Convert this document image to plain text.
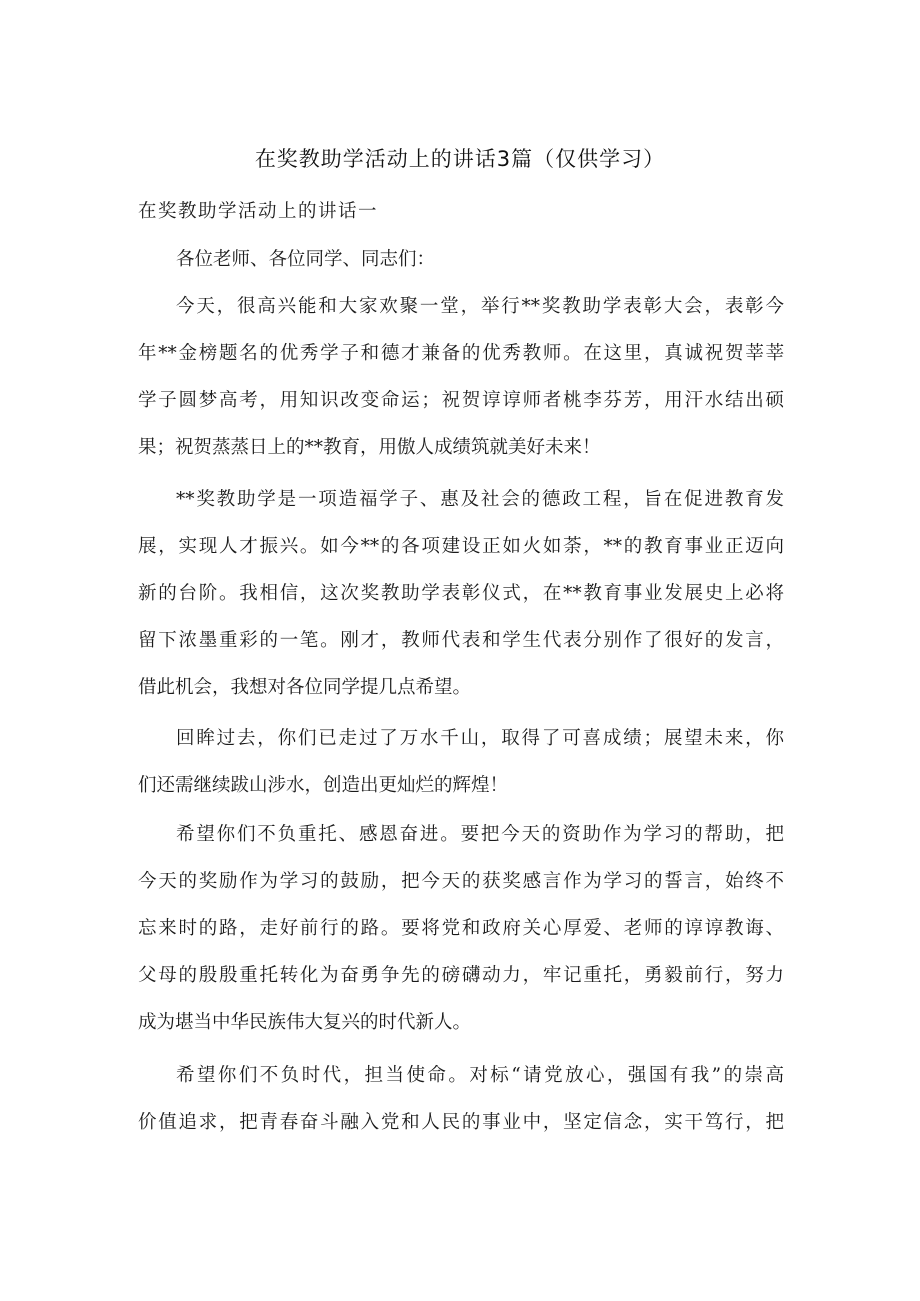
在奖教助学活动上的讲话3篇（仅供学习）
在奖教助学活动上的讲话一
各位老师、各位同学、同志们：
今天，很高兴能和大家欢聚一堂，举行**奖教助学表彰大会，表彰今
年**金榜题名的优秀学子和德才兼备的优秀教师。在这里，真诚祝贺莘莘
学子圆梦高考，用知识改变命运；祝贺谆谆师者桃李芬芳，用汗水结出硕
果；祝贺蒸蒸日上的**教育，用傲人成绩筑就美好未来！
**奖教助学是一项造福学子、惠及社会的德政工程，旨在促进教育发
展，实现人才振兴。如今**的各项建设正如火如荼，**的教育事业正迈向
新的台阶。我相信，这次奖教助学表彰仪式，在**教育事业发展史上必将
留下浓墨重彩的一笔。刚才，教师代表和学生代表分别作了很好的发言，
借此机会，我想对各位同学提几点希望。
回眸过去，你们已走过了万水千山，取得了可喜成绩；展望未来，你
们还需继续跋山涉水，创造出更灿烂的辉煌！
希望你们不负重托、感恩奋进。要把今天的资助作为学习的帮助，把
今天的奖励作为学习的鼓励，把今天的获奖感言作为学习的誓言，始终不
忘来时的路，走好前行的路。要将党和政府关心厚爱、老师的谆谆教诲、
父母的殷殷重托转化为奋勇争先的磅礴动力，牢记重托，勇毅前行，努力
成为堪当中华民族伟大复兴的时代新人。
希望你们不负时代，担当使命。对标“请党放心，强国有我”的崇高
价值追求，把青春奋斗融入党和人民的事业中，坚定信念，实干笃行，把
